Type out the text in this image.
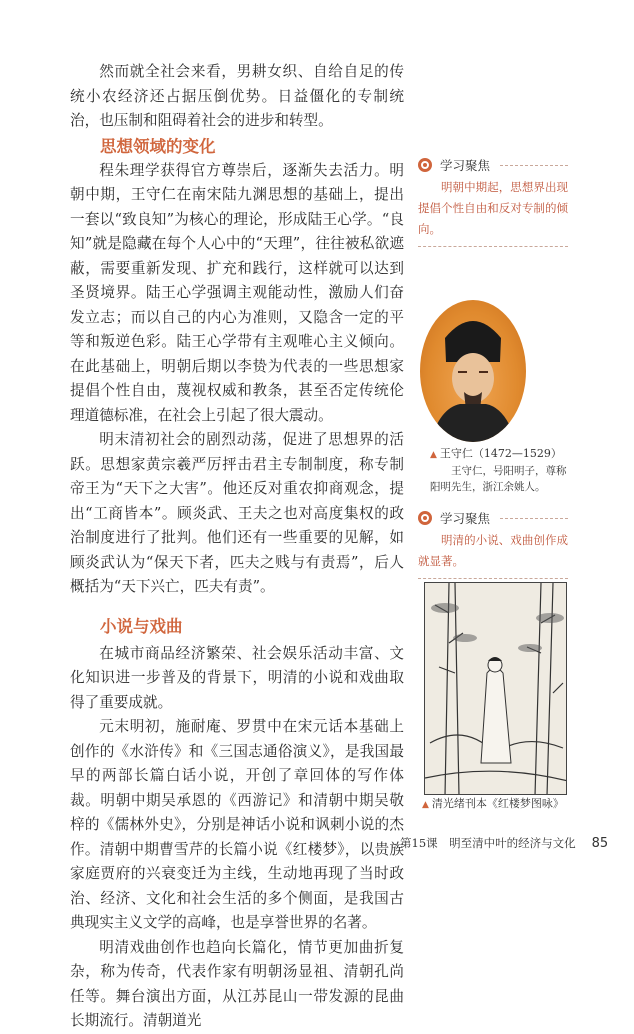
然而就全社会来看，男耕女织、自给自足的传统小农经济还占据压倒优势。日益僵化的专制统治，也压制和阻碍着社会的进步和转型。

思想领域的变化

程朱理学获得官方尊崇后，逐渐失去活力。明朝中期，王守仁在南宋陆九渊思想的基础上，提出一套以“致良知”为核心的理论，形成陆王心学。“良知”就是隐藏在每个人心中的“天理”，往往被私欲遮蔽，需要重新发现、扩充和践行，这样就可以达到圣贤境界。陆王心学强调主观能动性，激励人们奋发立志；而以自己的内心为准则，又隐含一定的平等和叛逆色彩。陆王心学带有主观唯心主义倾向。在此基础上，明朝后期以李贽为代表的一些思想家提倡个性自由，蔑视权威和教条，甚至否定传统伦理道德标准，在社会上引起了很大震动。

明末清初社会的剧烈动荡，促进了思想界的活跃。思想家黄宗羲严厉抨击君主专制制度，称专制帝王为“天下之大害”。他还反对重农抑商观念，提出“工商皆本”。顾炎武、王夫之也对高度集权的政治制度进行了批判。他们还有一些重要的见解，如顾炎武认为“保天下者，匹夫之贱与有责焉”，后人概括为“天下兴亡，匹夫有责”。

小说与戏曲

在城市商品经济繁荣、社会娱乐活动丰富、文化知识进一步普及的背景下，明清的小说和戏曲取得了重要成就。

元末明初，施耐庵、罗贯中在宋元话本基础上创作的《水浒传》和《三国志通俗演义》，是我国最早的两部长篇白话小说，开创了章回体的写作体裁。明朝中期吴承恩的《西游记》和清朝中期吴敬梓的《儒林外史》，分别是神话小说和讽刺小说的杰作。清朝中期曹雪芹的长篇小说《红楼梦》，以贵族家庭贾府的兴衰变迁为主线，生动地再现了当时政治、经济、文化和社会生活的多个侧面，是我国古典现实主义文学的高峰，也是享誉世界的名著。

明清戏曲创作也趋向长篇化，情节更加曲折复杂，称为传奇，代表作家有明朝汤显祖、清朝孔尚任等。舞台演出方面，从江苏昆山一带发源的昆曲长期流行。清朝道光

学习聚焦
明朝中期起，思想界出现提倡个性自由和反对专制的倾向。
▲ 王守仁（1472—1529）
王守仁，号阳明子，尊称阳明先生，浙江余姚人。
学习聚焦
明清的小说、戏曲创作成就显著。
▲ 清光绪刊本《红楼梦图咏》
第15课　明至清中叶的经济与文化 85
